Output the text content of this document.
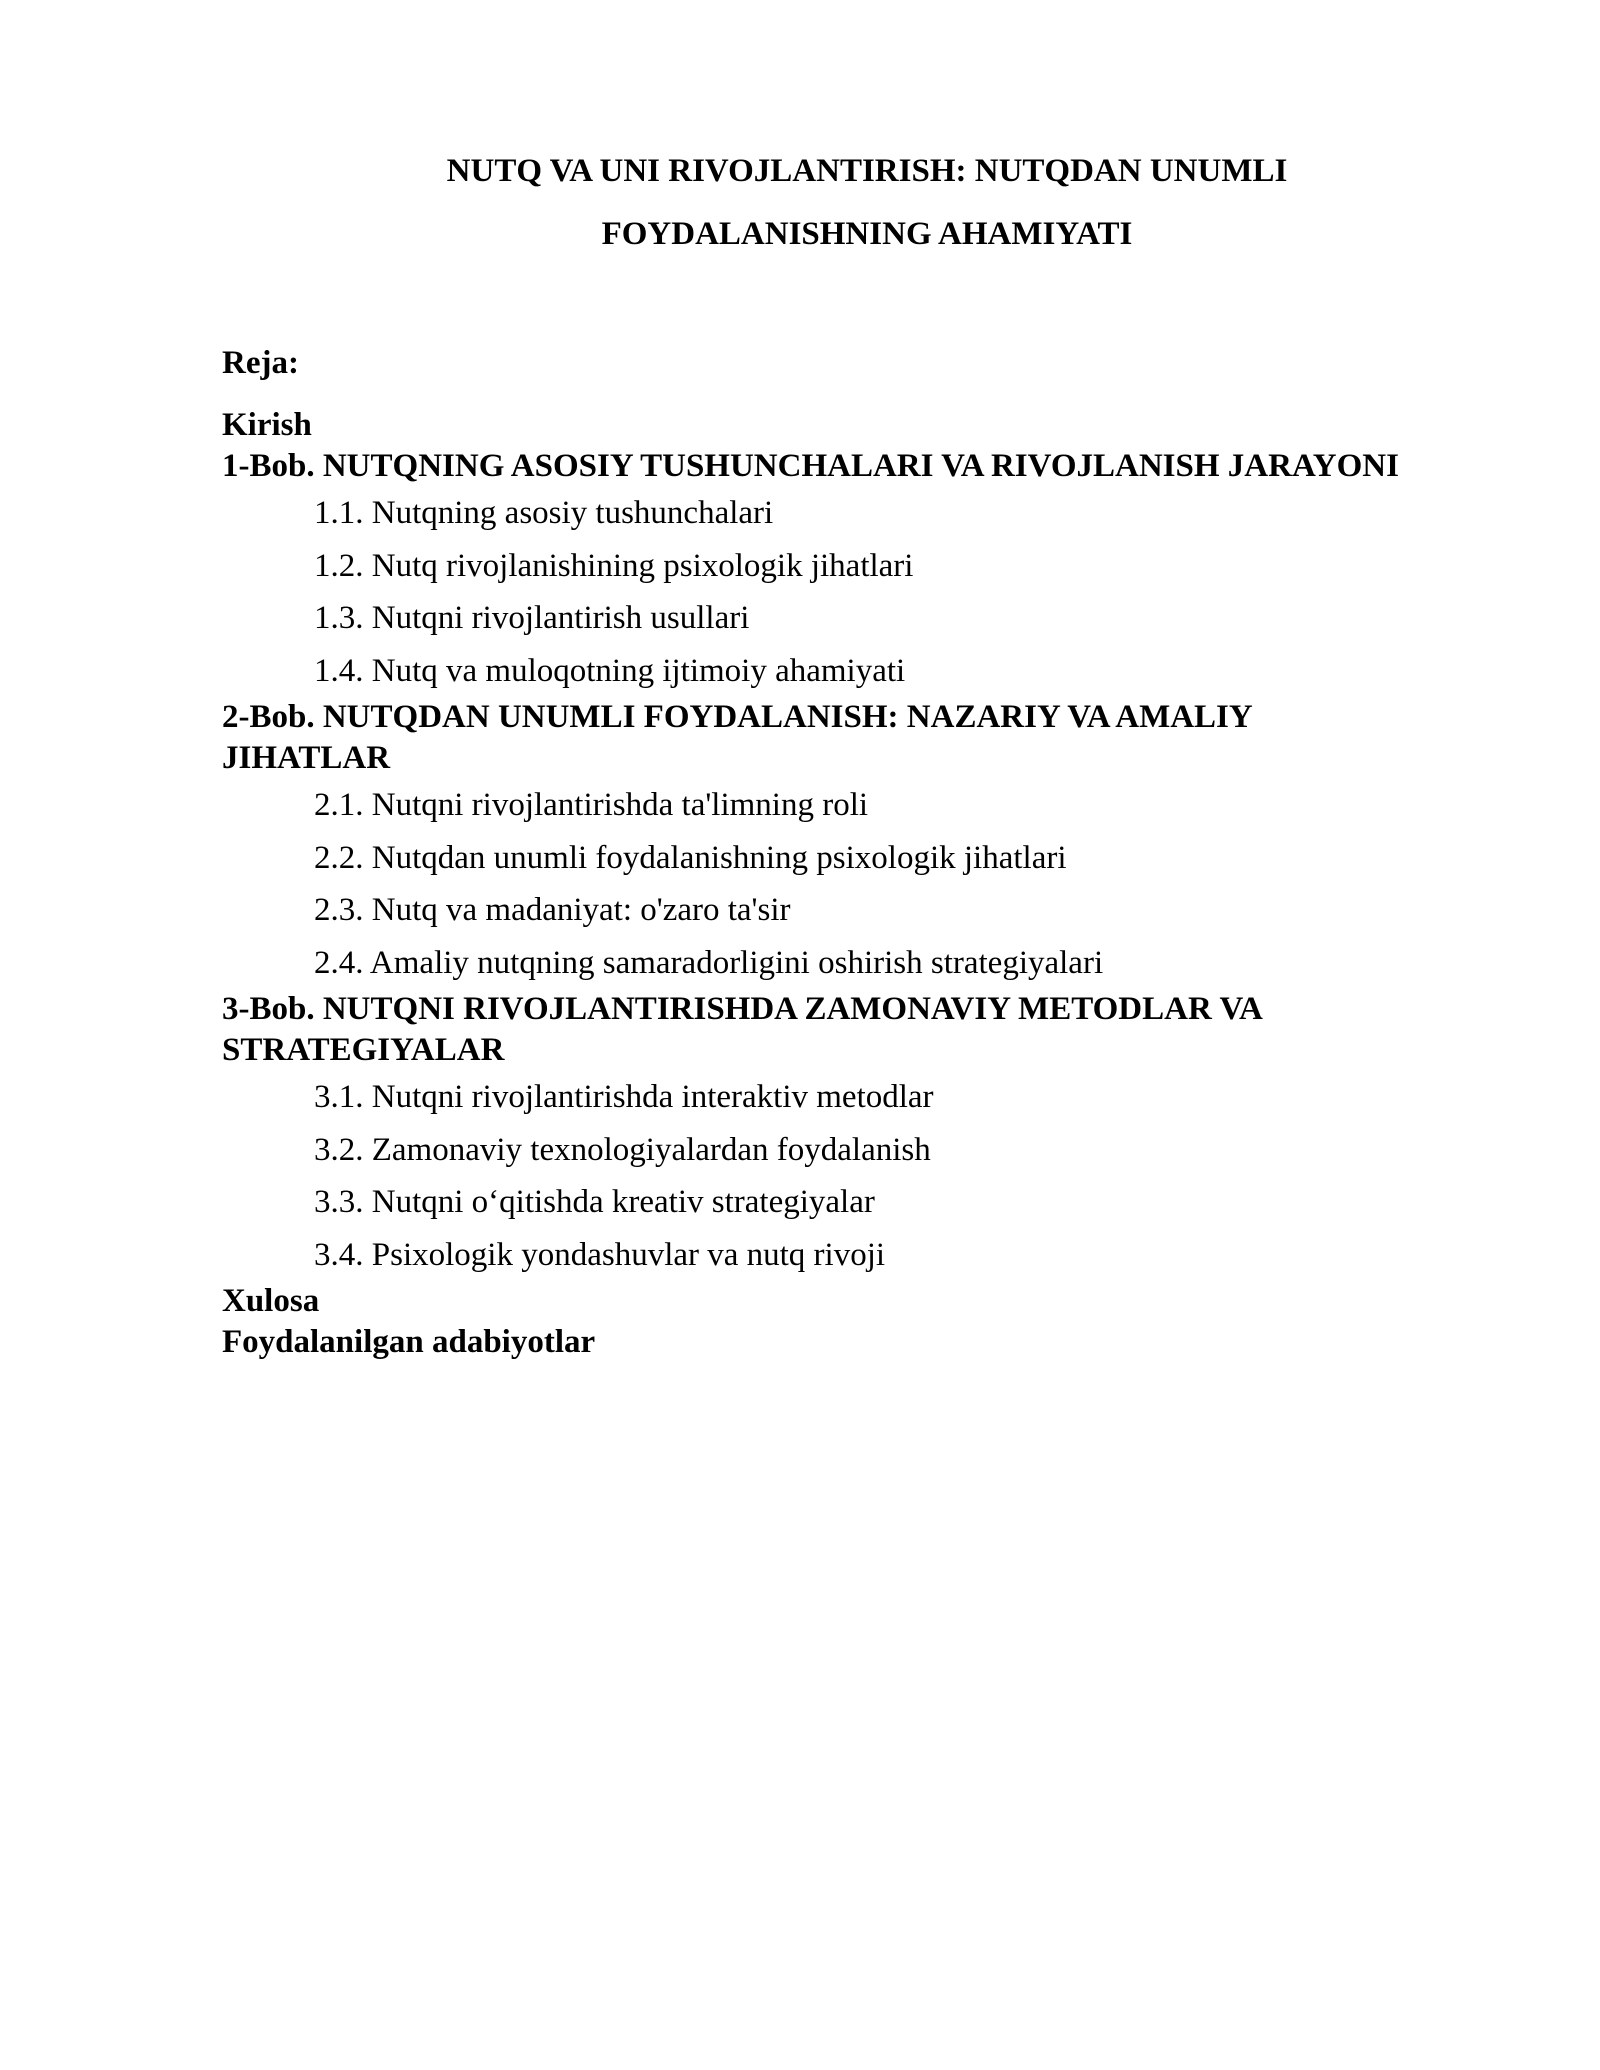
NUTQ VA UNI RIVOJLANTIRISH: NUTQDAN UNUMLI
FOYDALANISHNING AHAMIYATI

Reja:

Kirish

1-Bob. NUTQNING ASOSIY TUSHUNCHALARI VA RIVOJLANISH JARAYONI

1.1. Nutqning asosiy tushunchalari

1.2. Nutq rivojlanishining psixologik jihatlari

1.3. Nutqni rivojlantirish usullari

1.4. Nutq va muloqotning ijtimoiy ahamiyati

2-Bob. NUTQDAN UNUMLI FOYDALANISH: NAZARIY VA AMALIY JIHATLAR

2.1. Nutqni rivojlantirishda ta'limning roli

2.2. Nutqdan unumli foydalanishning psixologik jihatlari

2.3. Nutq va madaniyat: o'zaro ta'sir

2.4. Amaliy nutqning samaradorligini oshirish strategiyalari

3-Bob. NUTQNI RIVOJLANTIRISHDA ZAMONAVIY METODLAR VA STRATEGIYALAR

3.1. Nutqni rivojlantirishda interaktiv metodlar

3.2. Zamonaviy texnologiyalardan foydalanish

3.3. Nutqni o‘qitishda kreativ strategiyalar

3.4. Psixologik yondashuvlar va nutq rivoji

Xulosa

Foydalanilgan adabiyotlar
